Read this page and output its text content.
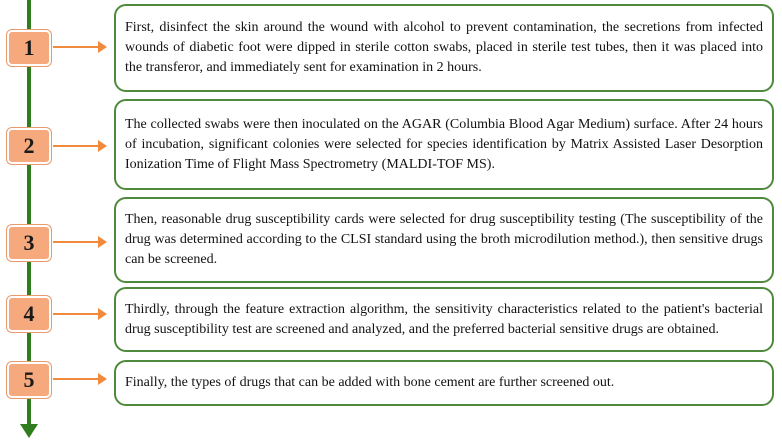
1
First, disinfect the skin around the wound with alcohol to prevent contamination, the secretions from infected wounds of diabetic foot were dipped in sterile cotton swabs, placed in sterile test tubes, then it was placed into the transferor, and immediately sent for examination in 2 hours.
2
The collected swabs were then inoculated on the AGAR (Columbia Blood Agar Medium) surface. After 24 hours of incubation, significant colonies were selected for species identification by Matrix Assisted Laser Desorption Ionization Time of Flight Mass Spectrometry (MALDI-TOF MS).
3
Then, reasonable drug susceptibility cards were selected for drug susceptibility testing (The susceptibility of the drug was determined according to the CLSI standard using the broth microdilution method.), then sensitive drugs can be screened.
4	Thirdly, through the feature extraction algorithm, the sensitivity characteristics related to the patient's bacterial drug susceptibility test are screened and analyzed, and the preferred bacterial sensitive drugs are obtained.
5	Finally, the types of drugs that can be added with bone cement are further screened out.
